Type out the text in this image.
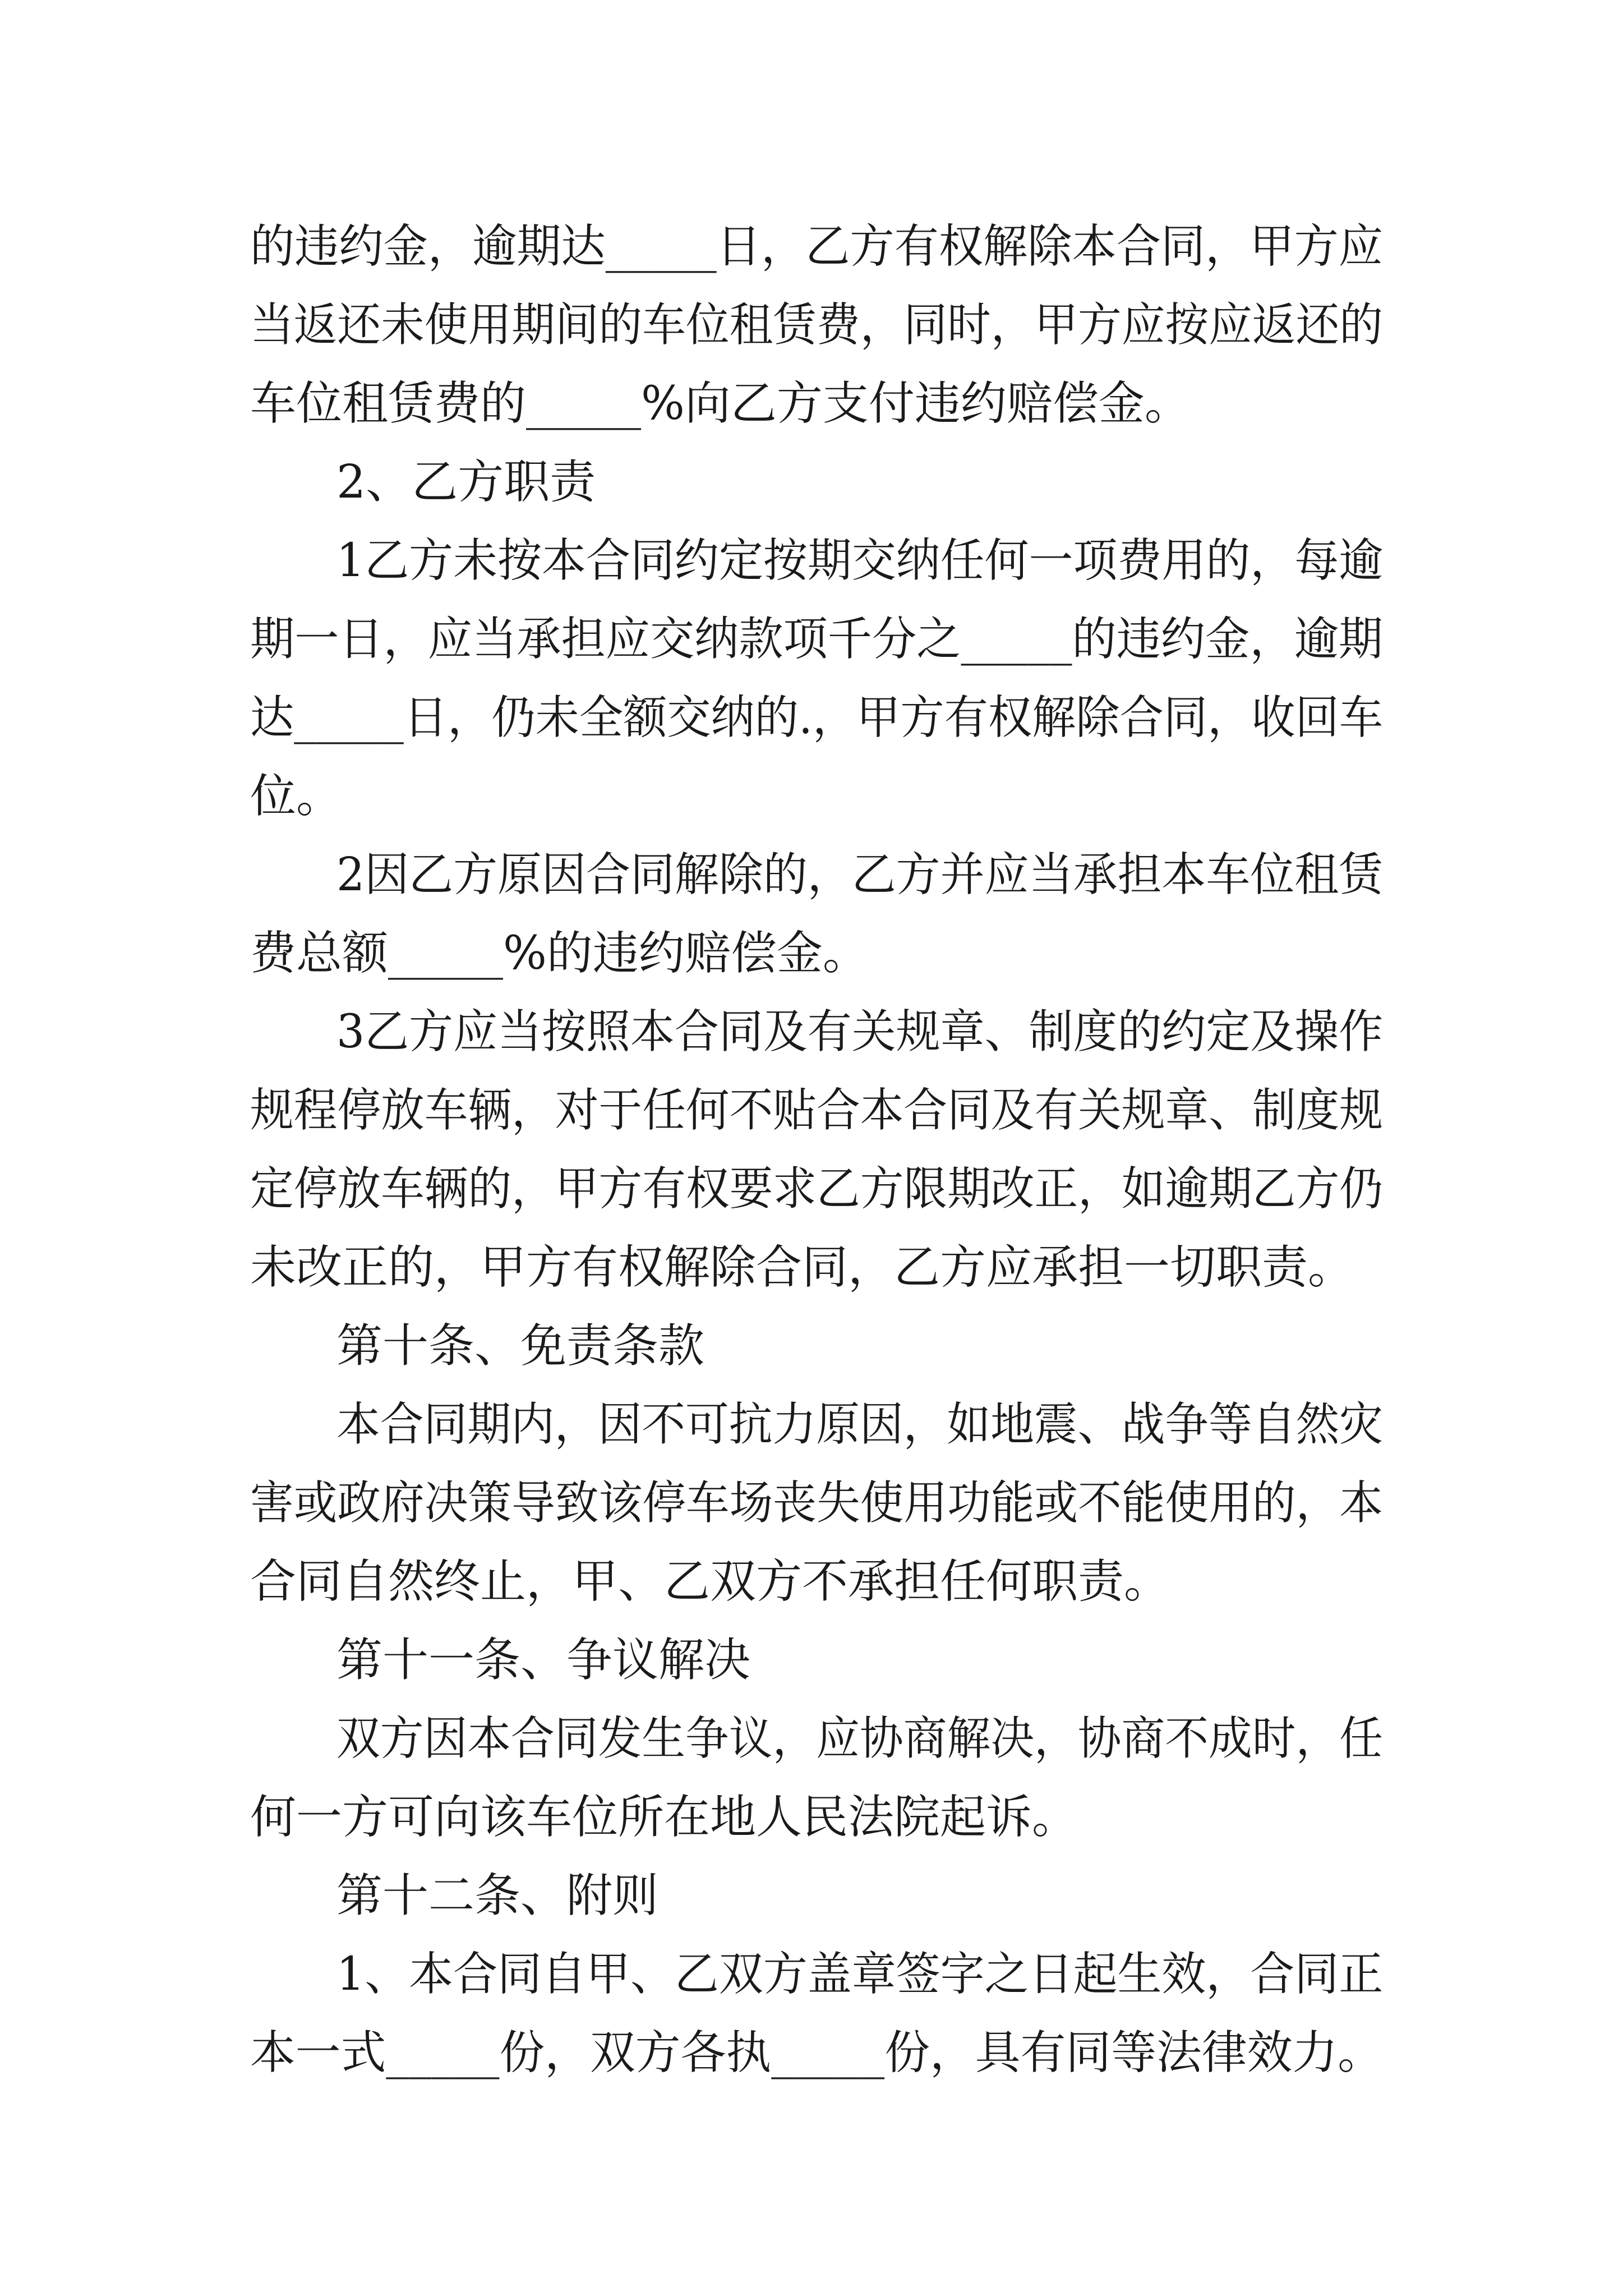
的违约金，逾期达_____日，乙方有权解除本合同，甲方应
当返还未使用期间的车位租赁费，同时，甲方应按应返还的
车位租赁费的_____%向乙方支付违约赔偿金。
2、乙方职责
1乙方未按本合同约定按期交纳任何一项费用的，每逾
期一日，应当承担应交纳款项千分之_____的违约金，逾期
达_____日，仍未全额交纳的.，甲方有权解除合同，收回车
位。
2因乙方原因合同解除的，乙方并应当承担本车位租赁
费总额_____%的违约赔偿金。
3乙方应当按照本合同及有关规章、制度的约定及操作
规程停放车辆，对于任何不贴合本合同及有关规章、制度规
定停放车辆的，甲方有权要求乙方限期改正，如逾期乙方仍
未改正的，甲方有权解除合同，乙方应承担一切职责。
第十条、免责条款
本合同期内，因不可抗力原因，如地震、战争等自然灾
害或政府决策导致该停车场丧失使用功能或不能使用的，本
合同自然终止，甲、乙双方不承担任何职责。
第十一条、争议解决
双方因本合同发生争议，应协商解决，协商不成时，任
何一方可向该车位所在地人民法院起诉。
第十二条、附则
1、本合同自甲、乙双方盖章签字之日起生效，合同正
本一式_____份，双方各执_____份，具有同等法律效力。
